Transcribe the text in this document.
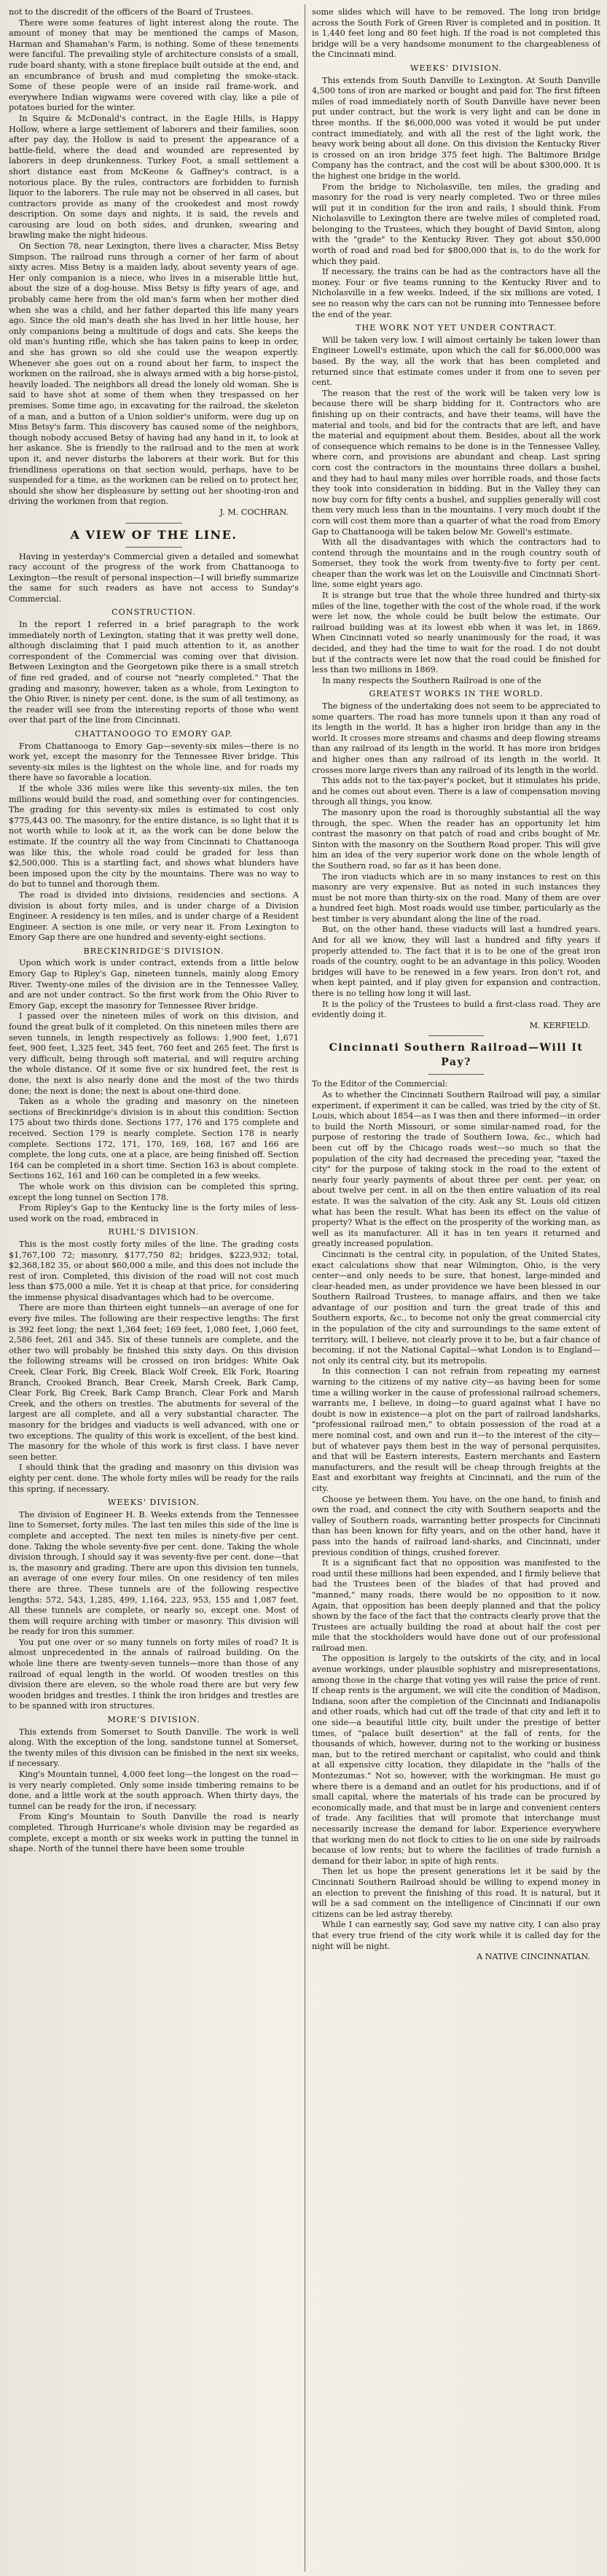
not to the discredit of the officers of the Board of Trustees.

There were some features of light interest along the route. The amount of money that may be mentioned the camps of Mason, Harman and Shamahan's Farm, is nothing. Some of these tenements were fanciful. The prevailing style of architecture consists of a small, rude board shanty, with a stone fireplace built outside at the end, and an encumbrance of brush and mud completing the smoke-stack. Some of these people were of an inside rail frame-work, and everywhere Indian wigwams were covered with clay, like a pile of potatoes buried for the winter.

In Squire & McDonald's contract, in the Eagle Hills, is Happy Hollow, where a large settlement of laborers and their families, soon after pay day, the Hollow is said to present the appearance of a battle-field, where the dead and wounded are represented by laborers in deep drunkenness. Turkey Foot, a small settlement a short distance east from McKeone & Gaffney's contract, is a notorious place. By the rules, contractors are forbidden to furnish liquor to the laborers. The rule may not be observed in all cases, but contractors provide as many of the crookedest and most rowdy description. On some days and nights, it is said, the revels and carousing are loud on both sides, and drunken, swearing and brawling make the night hideous.

On Section 78, near Lexington, there lives a character, Miss Betsy Simpson. The railroad runs through a corner of her farm of about sixty acres. Miss Betsy is a maiden lady, about seventy years of age. Her only companion is a niece, who lives in a miserable little hut, about the size of a dog-house. Miss Betsy is fifty years of age, and probably came here from the old man's farm when her mother died when she was a child, and her father departed this life many years ago. Since the old man's death she has lived in her little house, her only companions being a multitude of dogs and cats. She keeps the old man's hunting rifle, which she has taken pains to keep in order, and she has grown so old she could use the weapon expertly. Whenever she goes out on a round about her farm, to inspect the workmen on the railroad, she is always armed with a big horse-pistol, heavily loaded. The neighbors all dread the lonely old woman. She is said to have shot at some of them when they trespassed on her premises. Some time ago, in excavating for the railroad, the skeleton of a man, and a button of a Union soldier's uniform, were dug up on Miss Betsy's farm. This discovery has caused some of the neighbors, though nobody accused Betsy of having had any hand in it, to look at her askance. She is friendly to the railroad and to the men at work upon it, and never disturbs the laborers at their work. But for this friendliness operations on that section would, perhaps, have to be suspended for a time, as the workmen can be relied on to protect her, should she show her displeasure by setting out her shooting-iron and driving the workmen from that region.

J. M. COCHRAN.

A VIEW OF THE LINE.

Having in yesterday's Commercial given a detailed and somewhat racy account of the progress of the work from Chattanooga to Lexington—the result of personal inspection—I will briefly summarize the same for such readers as have not access to Sunday's Commercial.

CONSTRUCTION.

In the report I referred in a brief paragraph to the work immediately north of Lexington, stating that it was pretty well done, although disclaiming that I paid much attention to it, as another correspondent of the Commercial was coming over that division. Between Lexington and the Georgetown pike there is a small stretch of fine red graded, and of course not "nearly completed." That the grading and masonry, however, taken as a whole, from Lexington to the Ohio River, is ninety per cent. done, is the sum of all testimony, as the reader will see from the interesting reports of those who went over that part of the line from Cincinnati.

CHATTANOOGO TO EMORY GAP.

From Chattanooga to Emory Gap—seventy-six miles—there is no work yet, except the masonry for the Tennessee River bridge. This seventy-six miles is the lightest on the whole line, and for roads my there have so favorable a location.

If the whole 336 miles were like this seventy-six miles, the ten millions would build the road, and something over for contingencies. The grading for this seventy-six miles is estimated to cost only $775,443 00. The masonry, for the entire distance, is so light that it is not worth while to look at it, as the work can be done below the estimate. If the country all the way from Cincinnati to Chattanooga was like this, the whole road could be graded for less than $2,500,000. This is a startling fact, and shows what blunders have been imposed upon the city by the mountains. There was no way to do but to tunnel and thorough them.

The road is divided into divisions, residencies and sections. A division is about forty miles, and is under charge of a Division Engineer. A residency is ten miles, and is under charge of a Resident Engineer. A section is one mile, or very near it. From Lexington to Emory Gap there are one hundred and seventy-eight sections.

BRECKINRIDGE'S DIVISION.

Upon which work is under contract, extends from a little below Emory Gap to Ripley's Gap, nineteen tunnels, mainly along Emory River. Twenty-one miles of the division are in the Tennessee Valley, and are not under contract. So the first work from the Ohio River to Emory Gap, except the masonry for Tennessee River bridge.

I passed over the nineteen miles of work on this division, and found the great bulk of it completed. On this nineteen miles there are seven tunnels, in length respectively as follows: 1,900 feet, 1,671 feet, 900 feet, 1,325 feet, 345 feet, 760 feet and 265 feet. The first is very difficult, being through soft material, and will require arching the whole distance. Of it some five or six hundred feet, the rest is done, the next is also nearly done and the most of the two thirds done; the next is done; the next is about one-third done.

Taken as a whole the grading and masonry on the nineteen sections of Breckinridge's division is in about this condition: Section 175 about two thirds done. Sections 177, 176 and 175 complete and received. Section 179 is nearly complete. Section 178 is nearly complete. Sections 172, 171, 170, 169, 168, 167 and 166 are complete, the long cuts, one at a place, are being finished off. Section 164 can be completed in a short time. Section 163 is about complete. Sections 162, 161 and 160 can be completed in a few weeks.

The whole work on this division can be completed this spring, except the long tunnel on Section 178.

From Ripley's Gap to the Kentucky line is the forty miles of less-used work on the road, embraced in

RUHL'S DIVISION.

This is the most costly forty miles of the line. The grading costs $1,767,100 72; masonry, $177,750 82; bridges, $223,932; total, $2,368,182 35, or about $60,000 a mile, and this does not include the rest of iron. Completed, this division of the road will not cost much less than $75,000 a mile. Yet it is cheap at that price, for considering the immense physical disadvantages which had to be overcome.

There are more than thirteen eight tunnels—an average of one for every five miles. The following are their respective lengths: The first is 392 feet long; the next 1,364 feet; 169 feet, 1,080 feet, 1,060 feet, 2,586 feet, 261 and 345. Six of these tunnels are complete, and the other two will probably be finished this sixty days. On this division the following streams will be crossed on iron bridges: White Oak Creek, Clear Fork, Big Creek, Black Wolf Creek, Elk Fork, Roaring Branch, Crooked Branch, Bear Creek, Marsh Creek, Bark Camp, Clear Fork, Big Creek, Bark Camp Branch, Clear Fork and Marsh Creek, and the others on trestles. The abutments for several of the largest are all complete, and all a very substantial character. The masonry for the bridges and viaducts is well advanced, with one or two exceptions. The quality of this work is excellent, of the best kind. The masonry for the whole of this work is first class. I have never seen better.

I should think that the grading and masonry on this division was eighty per cent. done. The whole forty miles will be ready for the rails this spring, if necessary.

WEEKS' DIVISION.

The division of Engineer H. B. Weeks extends from the Tennessee line to Somerset, forty miles. The last ten miles this side of the line is complete and accepted. The next ten miles is ninety-five per cent. done. Taking the whole seventy-five per cent. done. Taking the whole division through, I should say it was seventy-five per cent. done—that is, the masonry and grading. There are upon this division ten tunnels, an average of one every four miles. On one residency of ten miles there are three. These tunnels are of the following respective lengths: 572, 543, 1,285, 499, 1,164, 223, 953, 155 and 1,087 feet. All these tunnels are complete, or nearly so, except one. Most of them will require arching with timber or masonry. This division will be ready for iron this summer.

You put one over or so many tunnels on forty miles of road? It is almost unprecedented in the annals of railroad building. On the whole line there are twenty-seven tunnels—more than those of any railroad of equal length in the world. Of wooden trestles on this division there are eleven, so the whole road there are but very few wooden bridges and trestles. I think the iron bridges and trestles are to be spanned with iron structures.

MORE'S DIVISION.

This extends from Somerset to South Danville. The work is well along. With the exception of the long, sandstone tunnel at Somerset, the twenty miles of this division can be finished in the next six weeks, if necessary.

King's Mountain tunnel, 4,000 feet long—the longest on the road—is very nearly completed. Only some inside timbering remains to be done, and a little work at the south approach. When thirty days, the tunnel can be ready for the iron, if necessary.

From King's Mountain to South Danville the road is nearly completed. Through Hurricane's whole division may be regarded as complete, except a month or six weeks work in putting the tunnel in shape. North of the tunnel there have been some trouble

some slides which will have to be removed. The long iron bridge across the South Fork of Green River is completed and in position. It is 1,440 feet long and 80 feet high. If the road is not completed this bridge will be a very handsome monument to the chargeableness of the Cincinnati mind.

WEEKS' DIVISION.

This extends from South Danville to Lexington. At South Danville 4,500 tons of iron are marked or bought and paid for. The first fifteen miles of road immediately north of South Danville have never been put under contract, but the work is very light and can be done in three months. If the $6,000,000 was voted it would be put under contract immediately, and with all the rest of the light work, the heavy work being about all done. On this division the Kentucky River is crossed on an iron bridge 375 feet high. The Baltimore Bridge Company has the contract, and the cost will be about $300,000. It is the highest one bridge in the world.

From the bridge to Nicholasville, ten miles, the grading and masonry for the road is very nearly completed. Two or three miles will put it in condition for the iron and rails, I should think. From Nicholasville to Lexington there are twelve miles of completed road, belonging to the Trustees, which they bought of David Sinton, along with the "grade" to the Kentucky River. They got about $50,000 worth of road and road bed for $800,000 that is, to do the work for which they paid.

If necessary, the trains can be had as the contractors have all the money. Four or five teams running to the Kentucky River and to Nicholasville in a few weeks. Indeed, if the six millions are voted, I see no reason why the cars can not be running into Tennessee before the end of the year.

THE WORK NOT YET UNDER CONTRACT.

Will be taken very low. I will almost certainly be taken lower than Engineer Lowell's estimate, upon which the call for $6,000,000 was based. By the way, all the work that has been completed and returned since that estimate comes under it from one to seven per cent.

The reason that the rest of the work will be taken very low is because there will be sharp bidding for it. Contractors who are finishing up on their contracts, and have their teams, will have the material and tools, and bid for the contracts that are left, and have the material and equipment about them. Besides, about all the work of consequence which remains to be done is in the Tennessee Valley, where corn, and provisions are abundant and cheap. Last spring corn cost the contractors in the mountains three dollars a bushel, and they had to haul many miles over horrible roads, and those facts they took into consideration in bidding. But in the Valley they can now buy corn for fifty cents a bushel, and supplies generally will cost them very much less than in the mountains. I very much doubt if the corn will cost them more than a quarter of what the road from Emory Gap to Chattanooga will be taken below Mr. Gowell's estimate.

With all the disadvantages with which the contractors had to contend through the mountains and in the rough country south of Somerset, they took the work from twenty-five to forty per cent. cheaper than the work was let on the Louisville and Cincinnati Short-line, some eight years ago.

It is strange but true that the whole three hundred and thirty-six miles of the line, together with the cost of the whole road, if the work were let now, the whole could be built below the estimate. Our railroad building was at its lowest ebb when it was let, in 1869. When Cincinnati voted so nearly unanimously for the road, it was decided, and they had the time to wait for the road. I do not doubt but if the contracts were let now that the road could be finished for less than two millions in 1869.

In many respects the Southern Railroad is one of the

GREATEST WORKS IN THE WORLD.

The bigness of the undertaking does not seem to be appreciated to some quarters. The road has more tunnels upon it than any road of its length in the world. It has a higher iron bridge than any in the world. It crosses more streams and chasms and deep flowing streams than any railroad of its length in the world. It has more iron bridges and higher ones than any railroad of its length in the world. It crosses more large rivers than any railroad of its length in the world.

This adds not to the tax-payer's pocket, but it stimulates his pride, and he comes out about even. There is a law of compensation moving through all things, you know.

The masonry upon the road is thoroughly substantial all the way through, the spec. When the reader has an opportunity let him contrast the masonry on that patch of road and cribs bought of Mr. Sinton with the masonry on the Southern Road proper. This will give him an idea of the very superior work done on the whole length of the Southern road, so far as it has been done.

The iron viaducts which are in so many instances to rest on this masonry are very expensive. But as noted in such instances they must be not more than thirty-six on the road. Many of them are over a hundred feet high. Most roads would use timber, particularly as the best timber is very abundant along the line of the road.

But, on the other hand, these viaducts will last a hundred years. And for all we know, they will last a hundred and fifty years if properly attended to. The fact that it is to be one of the great iron roads of the country, ought to be an advantage in this policy. Wooden bridges will have to be renewed in a few years. Iron don't rot, and when kept painted, and if play given for expansion and contraction, there is no telling how long it will last.

It is the policy of the Trustees to build a first-class road. They are evidently doing it.

M. KERFIELD.

Cincinnati Southern Railroad—Will It Pay?

To the Editor of the Commercial:

As to whether the Cincinnati Southern Railroad will pay, a similar experiment, if experiment it can be called, was tried by the city of St. Louis, which about 1854—as I was then and there informed—in order to build the North Missouri, or some similar-named road, for the purpose of restoring the trade of Southern Iowa, &c., which had been cut off by the Chicago roads west—so much so that the population of the city had decreased the preceding year, "taxed the city" for the purpose of taking stock in the road to the extent of nearly four yearly payments of about three per cent. per year, on about twelve per cent. in all on the then entire valuation of its real estate. It was the salvation of the city. Ask any St. Louis old citizen what has been the result. What has been its effect on the value of property? What is the effect on the prosperity of the working man, as well as its manufacturer. All it has in ten years it returned and greatly increased population.

Cincinnati is the central city, in population, of the United States, exact calculations show that near Wilmington, Ohio, is the very center—and only needs to be sure, that honest, large-minded and clear-headed men, as under providence we have been blessed in our Southern Railroad Trustees, to manage affairs, and then we take advantage of our position and turn the great trade of this and Southern exports, &c., to become not only the great commercial city in the population of the city and surroundings to the same extent of territory, will, I believe, not clearly prove it to be, but a fair chance of becoming, if not the National Capital—what London is to England—not only its central city, but its metropolis.

In this connection I can not refrain from repeating my earnest warning to the citizens of my native city—as having been for some time a willing worker in the cause of professional railroad schemers, warrants me, I believe, in doing—to guard against what I have no doubt is now in existence—a plot on the part of railroad landsharks, "professional railroad men," to obtain possession of the road at a mere nominal cost, and own and run it—to the interest of the city—but of whatever pays them best in the way of personal perquisites, and that will be Eastern interests, Eastern merchants and Eastern manufacturers, and the result will be cheap through freights at the East and exorbitant way freights at Cincinnati, and the ruin of the city.

Choose ye between them. You have, on the one hand, to finish and own the road, and connect the city with Southern seaports and the valley of Southern roads, warranting better prospects for Cincinnati than has been known for fifty years, and on the other hand, have it pass into the hands of railroad land-sharks, and Cincinnati, under previous condition of things, crushed forever.

It is a significant fact that no opposition was manifested to the road until these millions had been expended, and I firmly believe that had the Trustees been of the blades of that had proved and "manned," many roads, there would be no opposition to it now. Again, that opposition has been deeply planned and that the policy shown by the face of the fact that the contracts clearly prove that the Trustees are actually building the road at about half the cost per mile that the stockholders would have done out of our professional railroad men.

The opposition is largely to the outskirts of the city, and in local avenue workings, under plausible sophistry and misrepresentations, among those in the charge that voting yes will raise the price of rent. If cheap rents is the argument, we will cite the condition of Madison, Indiana, soon after the completion of the Cincinnati and Indianapolis and other roads, which had cut off the trade of that city and left it to one side—a beautiful little city, built under the prestige of better times, of "palace built desertion" at the fall of rents, for the thousands of which, however, during not to the working or business man, but to the retired merchant or capitalist, who could and think at all expensive citty location, they dilapidate in the "halls of the Montezumas." Not so, however, with the workingman. He must go where there is a demand and an outlet for his productions, and if of small capital, where the materials of his trade can be procured by economically made, and that must be in large and convenient centers of trade. Any facilities that will promote that interchange must necessarily increase the demand for labor. Experience everywhere that working men do not flock to cities to lie on one side by railroads because of low rents; but to where the facilities of trade furnish a demand for their labor, in spite of high rents.

Then let us hope the present generations let it be said by the Cincinnati Southern Railroad should be willing to expend money in an election to prevent the finishing of this road. It is natural, but it will be a sad comment on the intelligence of Cincinnati if our own citizens can be led astray thereby.

While I can earnestly say, God save my native city, I can also pray that every true friend of the city work while it is called day for the night will be night.

A NATIVE CINCINNATIAN.
